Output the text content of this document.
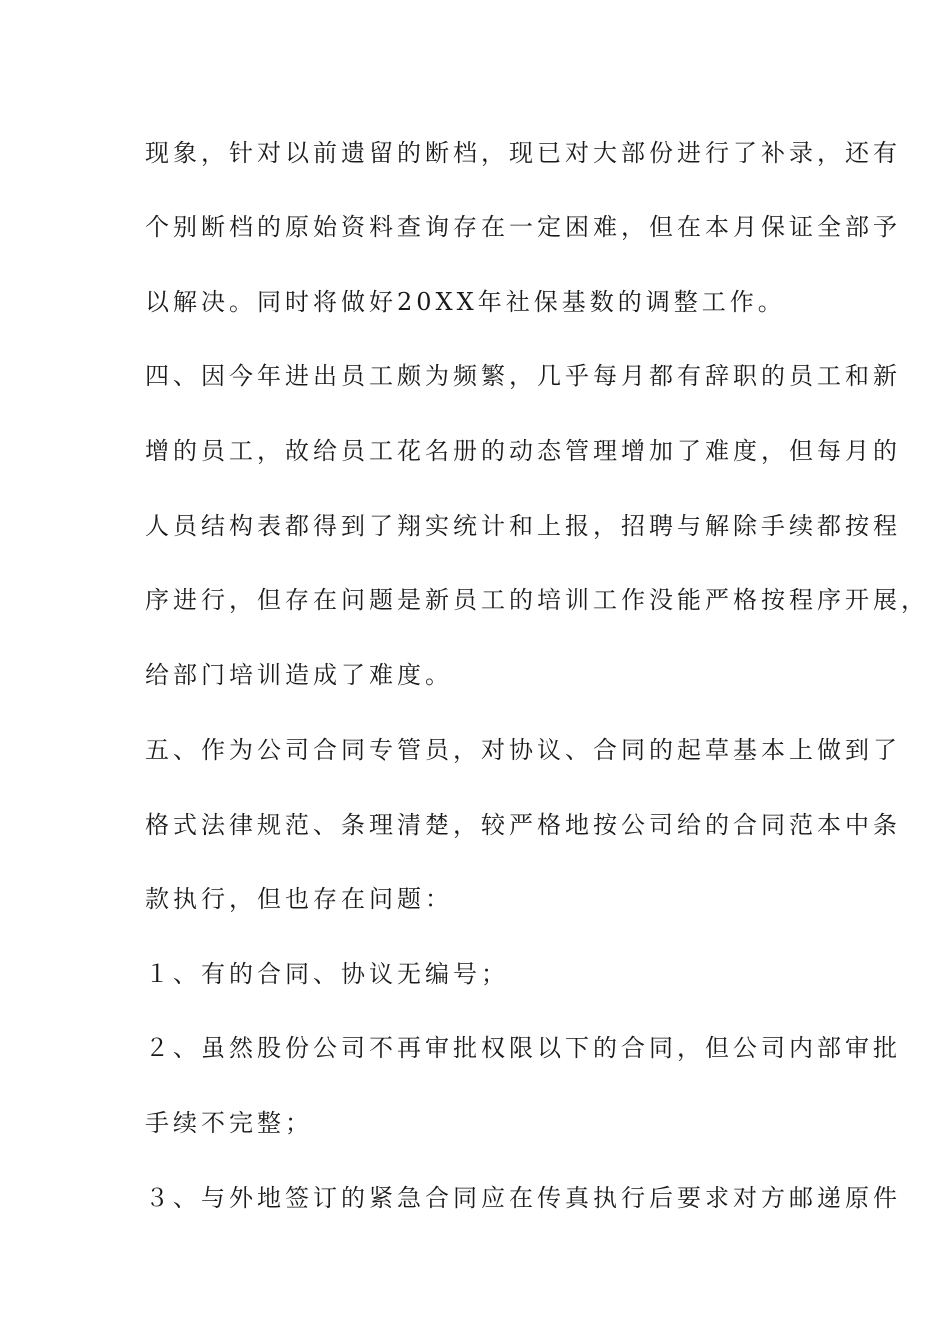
现象，针对以前遗留的断档，现已对大部份进行了补录，还有
个别断档的原始资料查询存在一定困难，但在本月保证全部予
以解决。同时将做好20XX年社保基数的调整工作。
四、因今年进出员工颇为频繁，几乎每月都有辞职的员工和新
增的员工，故给员工花名册的动态管理增加了难度，但每月的
人员结构表都得到了翔实统计和上报，招聘与解除手续都按程
序进行，但存在问题是新员工的培训工作没能严格按程序开展，
给部门培训造成了难度。
五、作为公司合同专管员，对协议、合同的起草基本上做到了
格式法律规范、条理清楚，较严格地按公司给的合同范本中条
款执行，但也存在问题：
１、有的合同、协议无编号；
２、虽然股份公司不再审批权限以下的合同，但公司内部审批
手续不完整；
３、与外地签订的紧急合同应在传真执行后要求对方邮递原件
